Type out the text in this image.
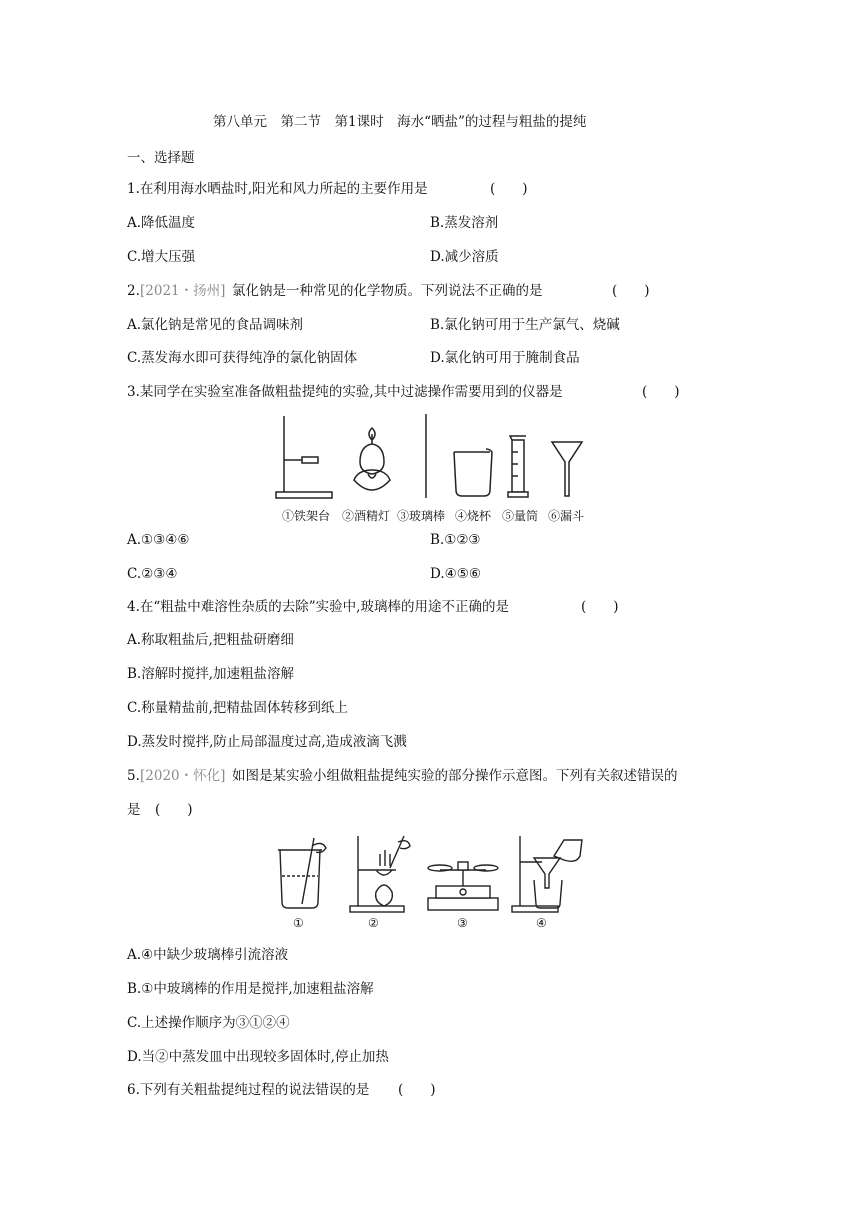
第八单元　第二节　第1课时　海水“晒盐”的过程与粗盐的提纯
一、选择题
1.在利用海水晒盐时,阳光和风力所起的主要作用是	(　　)
A.降低温度	B.蒸发溶剂
C.增大压强	D.减少溶质
2. [2021・扬州] 氯化钠是一种常见的化学物质。下列说法不正确的是	(　　)
A.氯化钠是常见的食品调味剂	B.氯化钠可用于生产氯气、烧碱
C.蒸发海水即可获得纯净的氯化钠固体	D.氯化钠可用于腌制食品
3.某同学在实验室准备做粗盐提纯的实验,其中过滤操作需要用到的仪器是	(　　)
①铁架台 ②酒精灯 ③玻璃棒 ④烧杯 ⑤量筒 ⑥漏斗
A.①③④⑥	B.①②③
C.②③④	D.④⑤⑥
4.在“粗盐中难溶性杂质的去除”实验中,玻璃棒的用途不正确的是	(　　)
A.称取粗盐后,把粗盐研磨细
B.溶解时搅拌,加速粗盐溶解
C.称量精盐前,把精盐固体转移到纸上
D.蒸发时搅拌,防止局部温度过高,造成液滴飞溅
5. [2020・怀化] 如图是某实验小组做粗盐提纯实验的部分操作示意图。下列有关叙述错误的
是 (　　)
①	②	③	④
A.④中缺少玻璃棒引流溶液
B.①中玻璃棒的作用是搅拌,加速粗盐溶解
C.上述操作顺序为③①②④
D.当②中蒸发皿中出现较多固体时,停止加热
6.下列有关粗盐提纯过程的说法错误的是 (　　)
